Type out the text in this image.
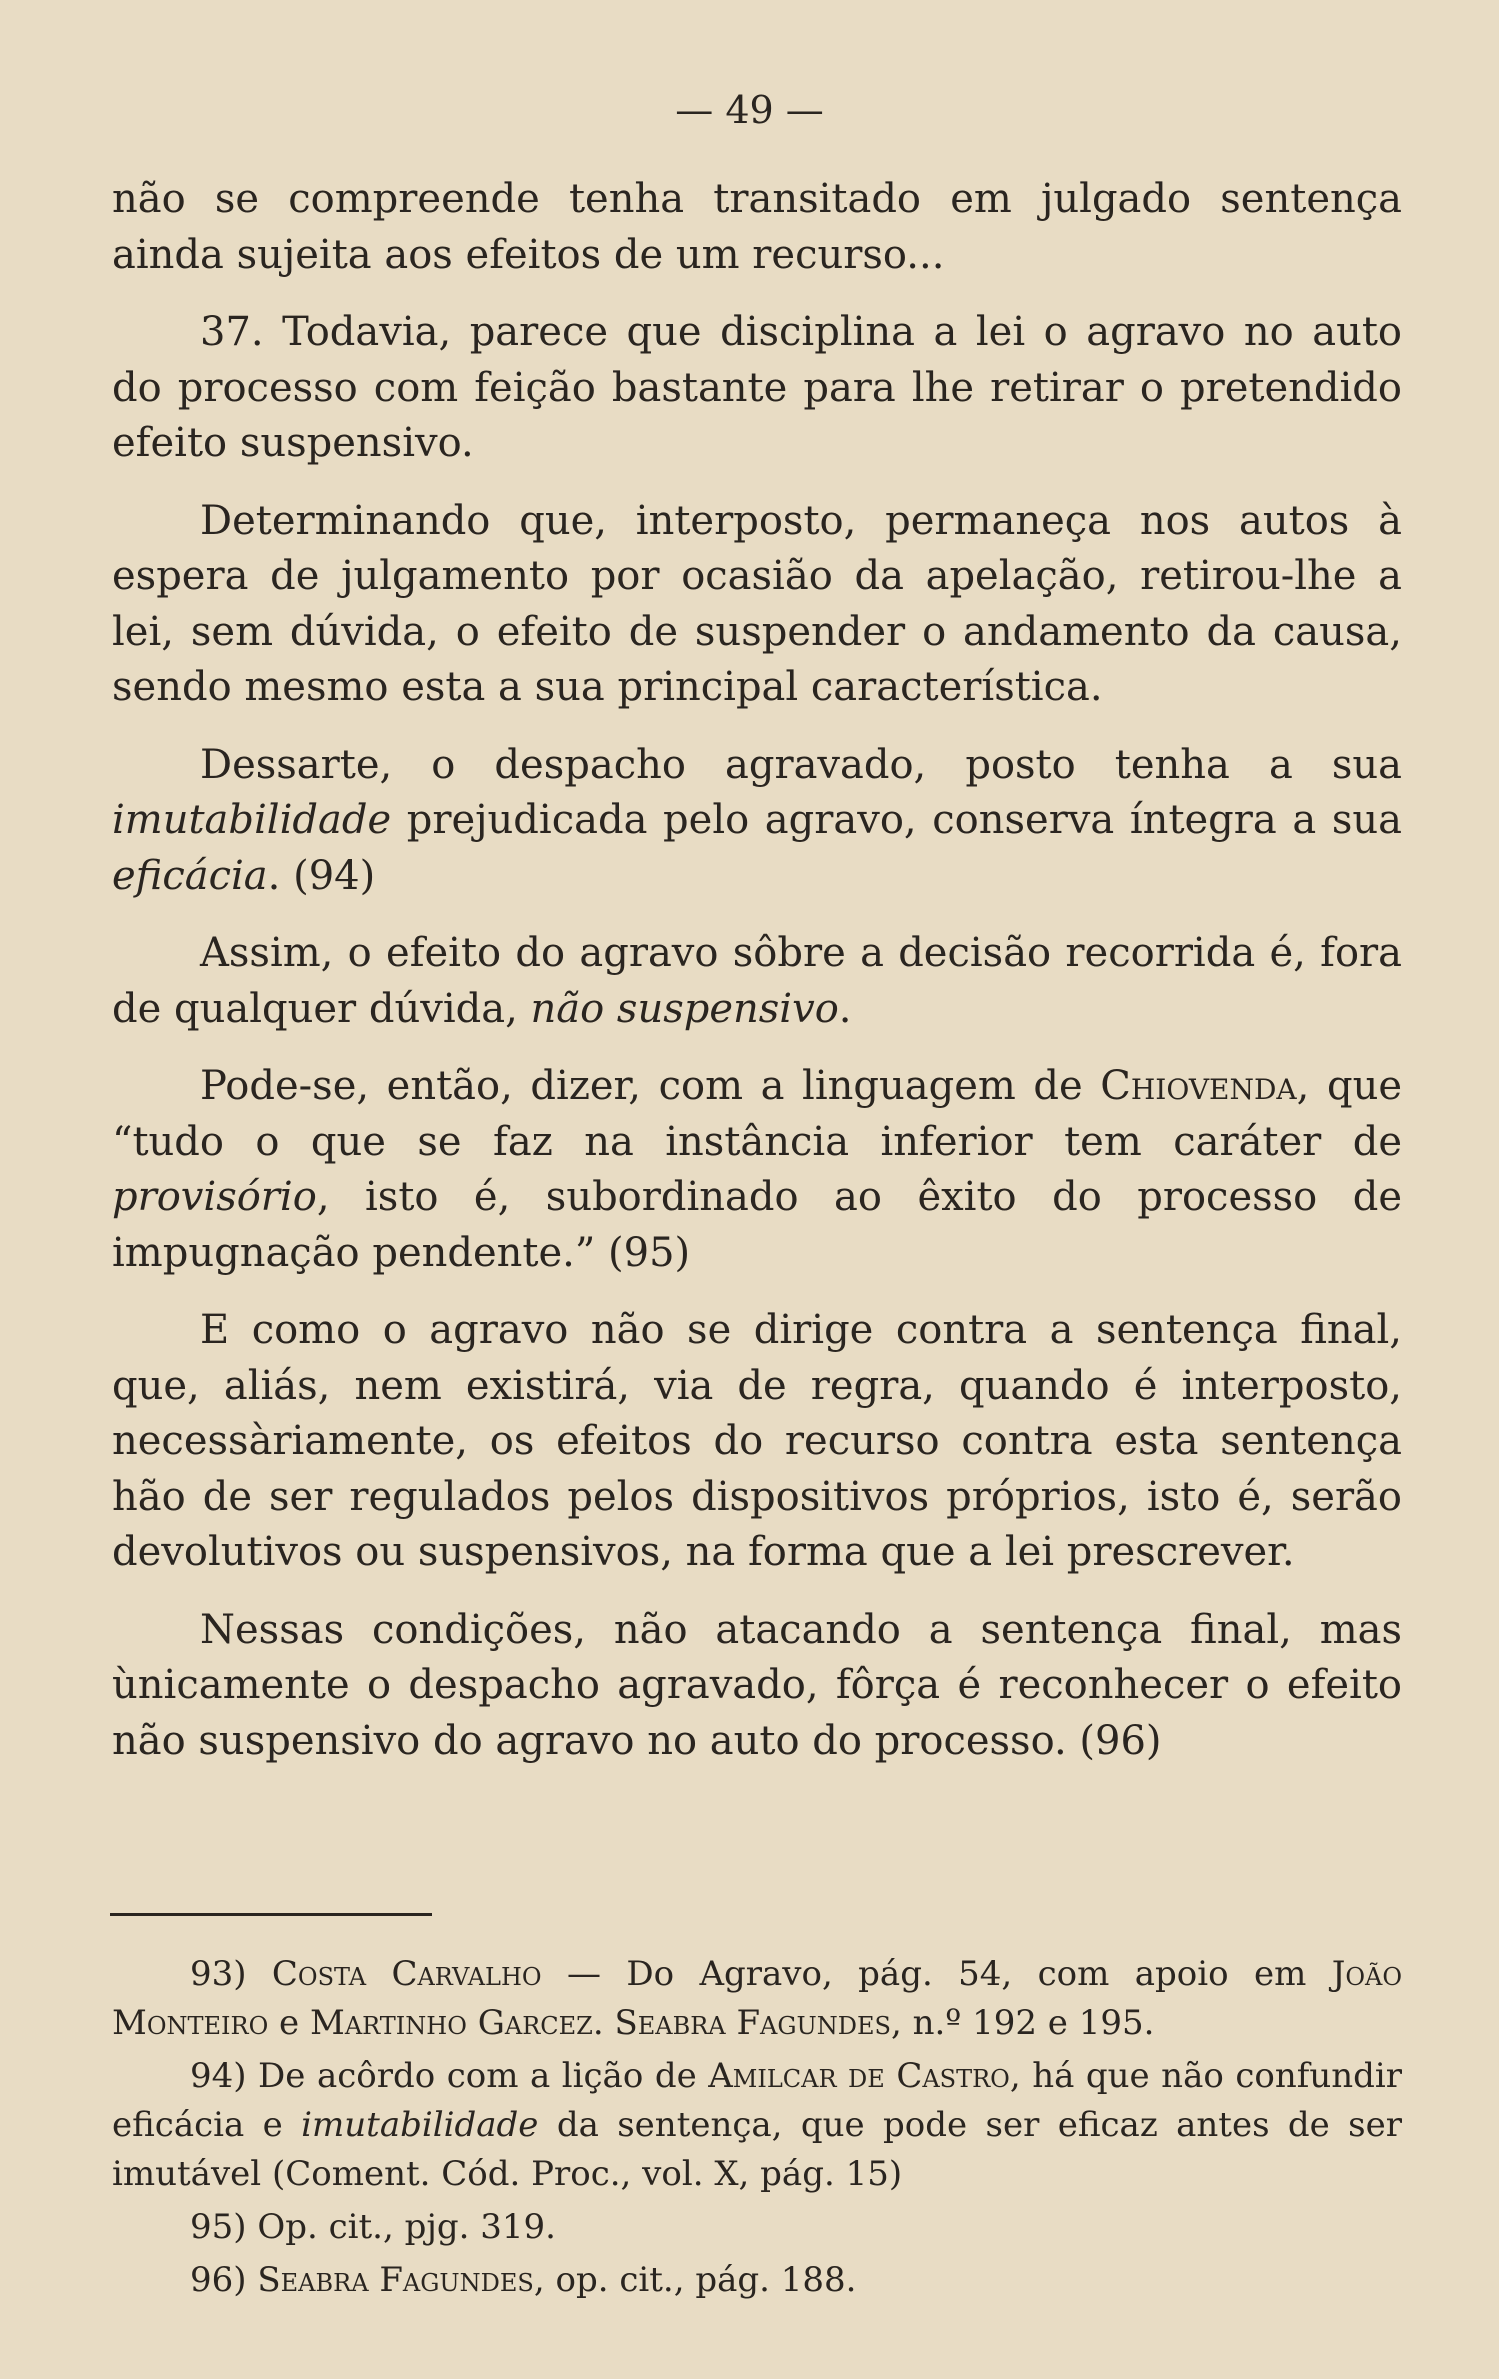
— 49 —

não se compreende tenha transitado em julgado sentença ainda sujeita aos efeitos de um recurso...

37. Todavia, parece que disciplina a lei o agravo no auto do processo com feição bastante para lhe retirar o pretendido efeito suspensivo.

Determinando que, interposto, permaneça nos autos à espera de julgamento por ocasião da apelação, retirou-lhe a lei, sem dúvida, o efeito de suspender o andamento da causa, sendo mesmo esta a sua principal característica.

Dessarte, o despacho agravado, posto tenha a sua imutabilidade prejudicada pelo agravo, conserva íntegra a sua eficácia. (94)

Assim, o efeito do agravo sôbre a decisão recorrida é, fora de qualquer dúvida, não suspensivo.

Pode-se, então, dizer, com a linguagem de Chiovenda, que “tudo o que se faz na instância inferior tem caráter de provisório, isto é, subordinado ao êxito do processo de impugnação pendente.” (95)

E como o agravo não se dirige contra a sentença final, que, aliás, nem existirá, via de regra, quando é interposto, necessàriamente, os efeitos do recurso contra esta sentença hão de ser regulados pelos dispositivos próprios, isto é, serão devolutivos ou suspensivos, na forma que a lei prescrever.

Nessas condições, não atacando a sentença final, mas ùnicamente o despacho agravado, fôrça é reconhecer o efeito não suspensivo do agravo no auto do processo. (96)

93) Costa Carvalho — Do Agravo, pág. 54, com apoio em João Monteiro e Martinho Garcez. Seabra Fagundes, n.º 192 e 195.

94) De acôrdo com a lição de Amilcar de Castro, há que não confundir eficácia e imutabilidade da sentença, que pode ser eficaz antes de ser imutável (Coment. Cód. Proc., vol. X, pág. 15)

95) Op. cit., pjg. 319.

96) Seabra Fagundes, op. cit., pág. 188.
